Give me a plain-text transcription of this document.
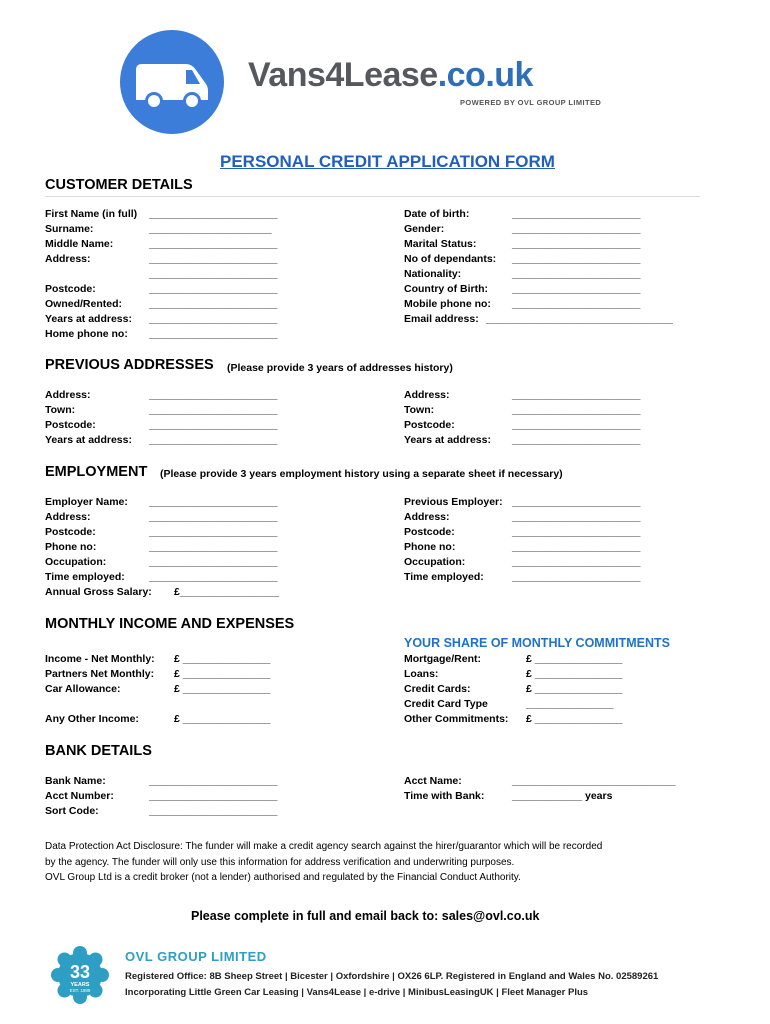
Vans4Lease.co.uk
POWERED BY OVL GROUP LIMITED
PERSONAL CREDIT APPLICATION FORM
CUSTOMER DETAILS
First Name (in full) ______________________
Surname:	_____________________
Middle Name:	______________________
Address:	______________________
______________________
Postcode:	______________________
Owned/Rented:	______________________
Years at address: ______________________
Home phone no: ______________________
Date of birth:	______________________
Gender:	______________________
Marital Status:	______________________
No of dependants: ______________________
Nationality:	______________________
Country of Birth: ______________________
Mobile phone no: ______________________
Email address: ________________________________
PREVIOUS ADDRESSES (Please provide 3 years of addresses history)
Address:	______________________
Town:	______________________
Postcode:	______________________
Years at address: ______________________
Address:	______________________
Town:	______________________
Postcode:	______________________
Years at address: ______________________
EMPLOYMENT (Please provide 3 years employment history using a separate sheet if necessary)
Employer Name: ______________________
Address:	______________________
Postcode:	______________________
Phone no:	______________________
Occupation:	______________________
Time employed: ______________________
Annual Gross Salary: £_________________
Previous Employer: ______________________
Address:	______________________
Postcode:	______________________
Phone no:	______________________
Occupation:	______________________
Time employed:	______________________
MONTHLY INCOME AND EXPENSES
YOUR SHARE OF MONTHLY COMMITMENTS
Income - Net Monthly: £ _______________
Partners Net Monthly: £ _______________
Car Allowance:	£ _______________
Any Other Income:	£ _______________
Mortgage/Rent:	£ _______________
Loans:	£ _______________
Credit Cards:	£ _______________
Credit Card Type	_______________
Other Commitments: £ _______________
BANK DETAILS
Bank Name:	______________________
Acct Number:	______________________
Sort Code:	______________________
Acct Name:	____________________________
Time with Bank:	____________ years
Data Protection Act Disclosure: The funder will make a credit agency search against the hirer/guarantor which will be recorded
by the agency. The funder will only use this information for address verification and underwriting purposes.
OVL Group Ltd is a credit broker (not a lender) authorised and regulated by the Financial Conduct Authority.
Please complete in full and email back to: sales@ovl.co.uk
33
YEARS
EST. 1989
OVL GROUP LIMITED
Registered Office: 8B Sheep Street | Bicester | Oxfordshire | OX26 6LP. Registered in England and Wales No. 02589261
Incorporating Little Green Car Leasing | Vans4Lease | e-drive | MinibusLeasingUK | Fleet Manager Plus
